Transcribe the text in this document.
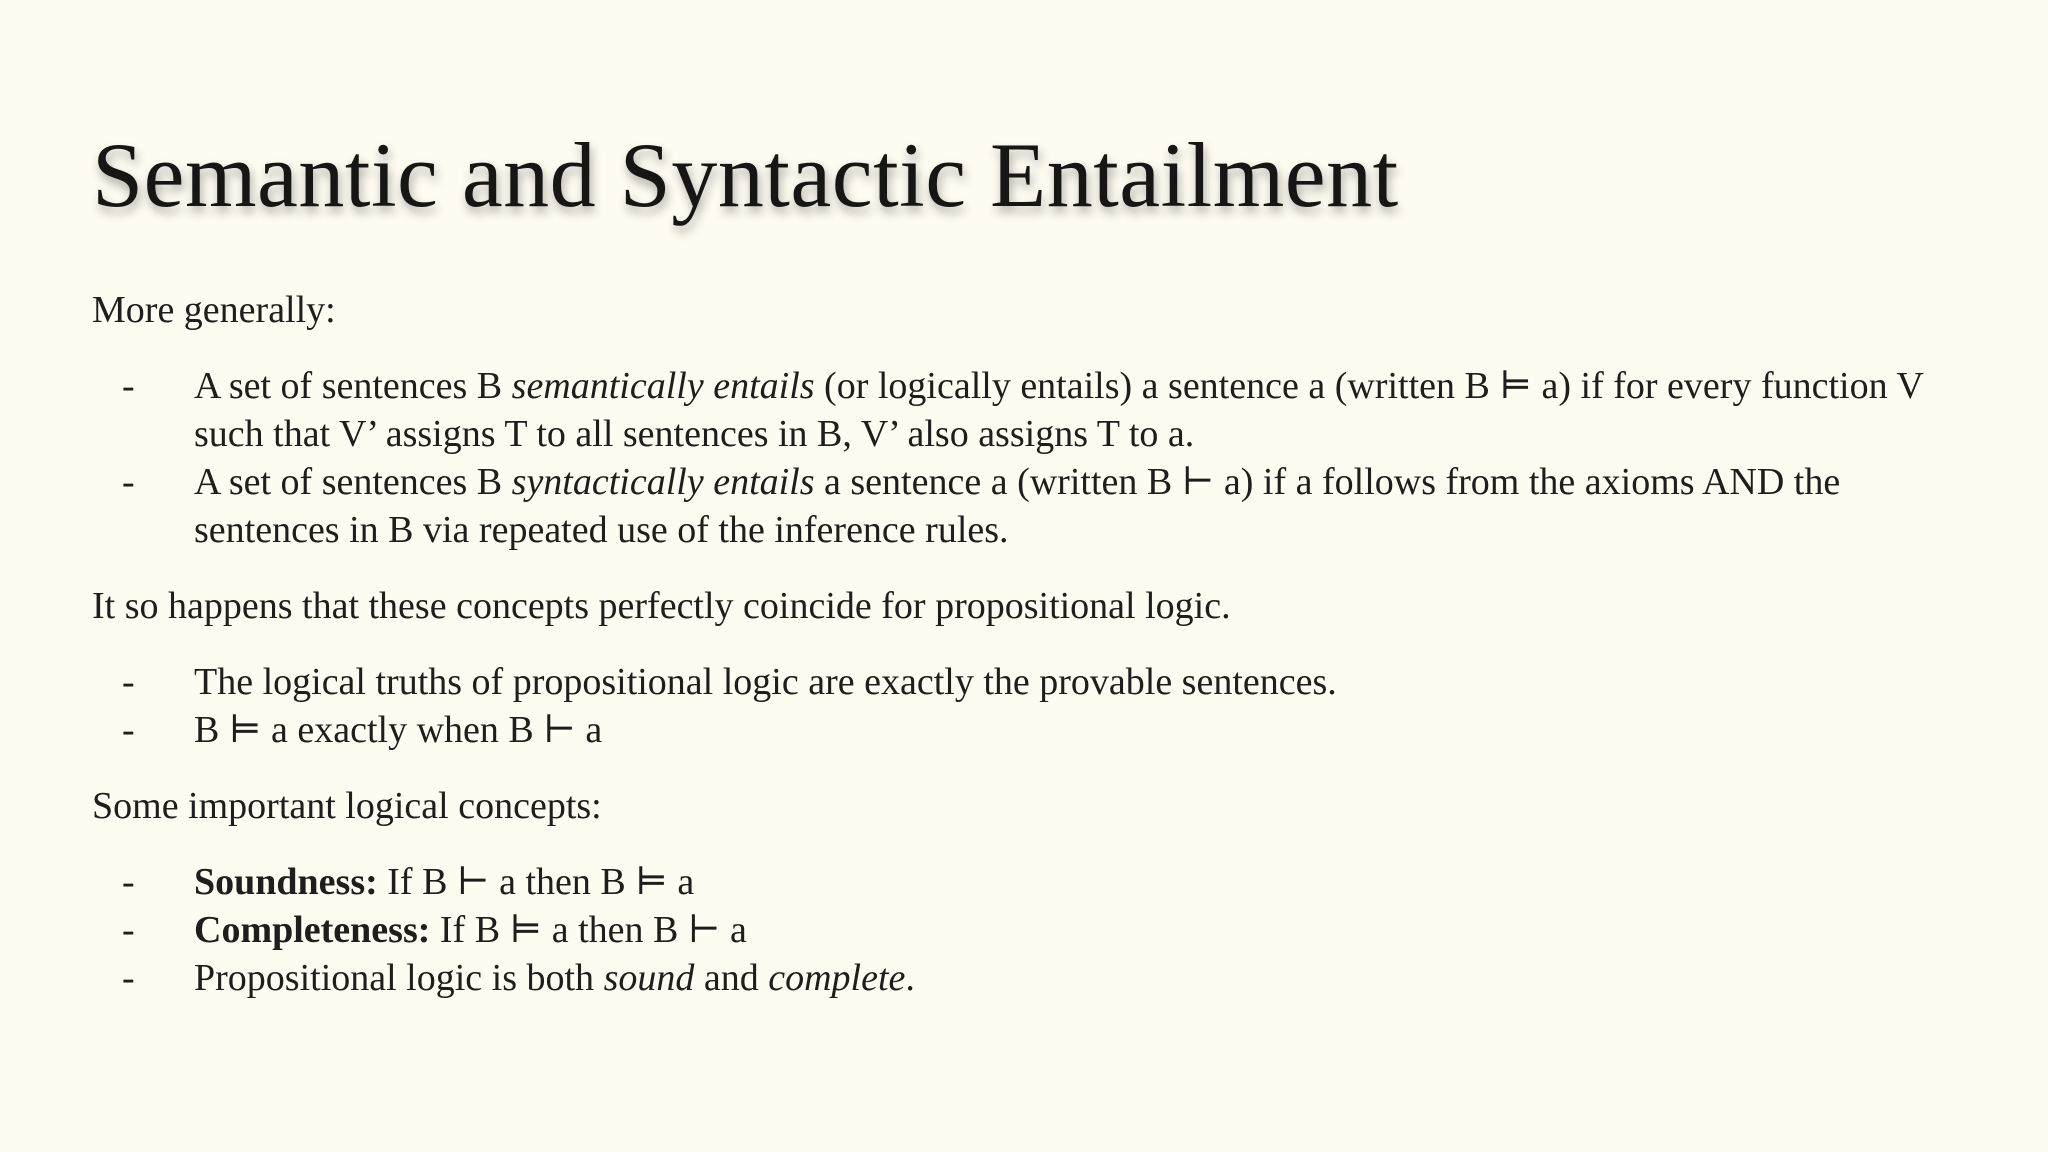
Semantic and Syntactic Entailment

More generally:

- A set of sentences B semantically entails (or logically entails) a sentence a (written B ⊨ a) if for every function V such that V’ assigns T to all sentences in B, V’ also assigns T to a.
- A set of sentences B syntactically entails a sentence a (written B ⊢ a) if a follows from the axioms AND the sentences in B via repeated use of the inference rules.

It so happens that these concepts perfectly coincide for propositional logic.

- The logical truths of propositional logic are exactly the provable sentences.
- B ⊨ a exactly when B ⊢ a

Some important logical concepts:

- Soundness: If B ⊢ a then B ⊨ a
- Completeness: If B ⊨ a then B ⊢ a
- Propositional logic is both sound and complete.
